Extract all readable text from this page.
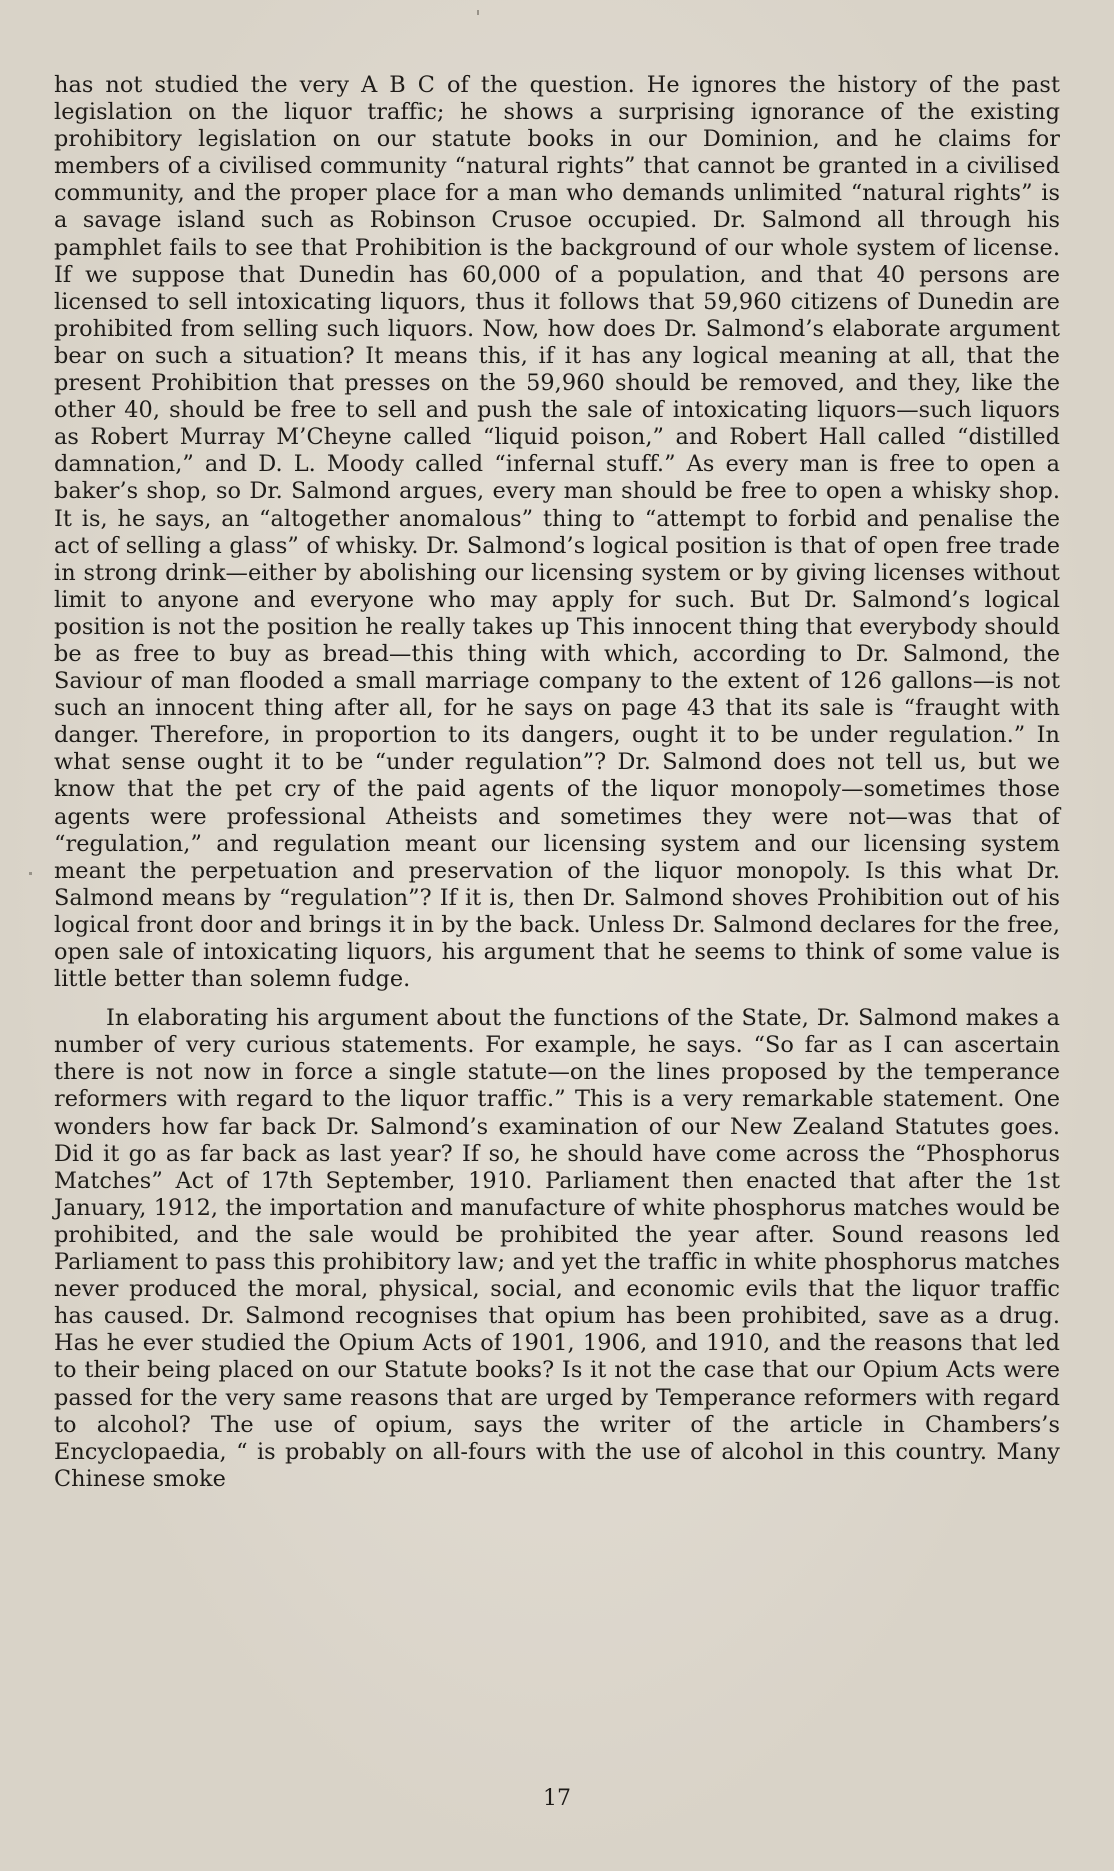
has not studied the very A B C of the question. He ignores the history of the past legislation on the liquor traffic; he shows a surprising ignorance of the existing prohibitory legislation on our statute books in our Dominion, and he claims for members of a civilised community “natural rights” that cannot be granted in a civilised community, and the proper place for a man who demands unlimited “natural rights” is a savage island such as Robinson Crusoe occupied. Dr. Salmond all through his pamphlet fails to see that Prohibition is the background of our whole system of license. If we suppose that Dunedin has 60,000 of a population, and that 40 persons are licensed to sell intoxicating liquors, thus it follows that 59,960 citizens of Dunedin are prohibited from selling such liquors. Now, how does Dr. Salmond’s elaborate argument bear on such a situation? It means this, if it has any logical meaning at all, that the present Prohibition that presses on the 59,960 should be removed, and they, like the other 40, should be free to sell and push the sale of intoxicating liquors—such liquors as Robert Murray M’Cheyne called “liquid poison,” and Robert Hall called “distilled damnation,” and D. L. Moody called “infernal stuff.” As every man is free to open a baker’s shop, so Dr. Salmond argues, every man should be free to open a whisky shop. It is, he says, an “altogether anomalous” thing to “attempt to forbid and penalise the act of selling a glass” of whisky. Dr. Salmond’s logical position is that of open free trade in strong drink—either by abolishing our licensing system or by giving licenses without limit to anyone and everyone who may apply for such. But Dr. Salmond’s logical position is not the position he really takes up This innocent thing that everybody should be as free to buy as bread—this thing with which, according to Dr. Salmond, the Saviour of man flooded a small marriage company to the extent of 126 gallons—is not such an innocent thing after all, for he says on page 43 that its sale is “fraught with danger. Therefore, in proportion to its dangers, ought it to be under regulation.” In what sense ought it to be “under regulation”? Dr. Salmond does not tell us, but we know that the pet cry of the paid agents of the liquor monopoly—sometimes those agents were professional Atheists and sometimes they were not—was that of “regulation,” and regulation meant our licensing system and our licensing system meant the perpetuation and preservation of the liquor monopoly. Is this what Dr. Salmond means by “regulation”? If it is, then Dr. Salmond shoves Prohibition out of his logical front door and brings it in by the back. Unless Dr. Salmond declares for the free, open sale of intoxicating liquors, his argument that he seems to think of some value is little better than solemn fudge.

In elaborating his argument about the functions of the State, Dr. Salmond makes a number of very curious statements. For example, he says. “So far as I can ascertain there is not now in force a single statute—on the lines proposed by the temperance reformers with regard to the liquor traffic.” This is a very remarkable statement. One wonders how far back Dr. Salmond’s examination of our New Zealand Statutes goes. Did it go as far back as last year? If so, he should have come across the “Phosphorus Matches” Act of 17th September, 1910. Parliament then enacted that after the 1st January, 1912, the importation and manufacture of white phosphorus matches would be prohibited, and the sale would be prohibited the year after. Sound reasons led Parliament to pass this prohibitory law; and yet the traffic in white phosphorus matches never produced the moral, physical, social, and economic evils that the liquor traffic has caused. Dr. Salmond recognises that opium has been prohibited, save as a drug. Has he ever studied the Opium Acts of 1901, 1906, and 1910, and the reasons that led to their being placed on our Statute books? Is it not the case that our Opium Acts were passed for the very same reasons that are urged by Temperance reformers with regard to alcohol? The use of opium, says the writer of the article in Chambers’s Encyclopaedia, “ is probably on all-fours with the use of alcohol in this country. Many Chinese smoke

17
